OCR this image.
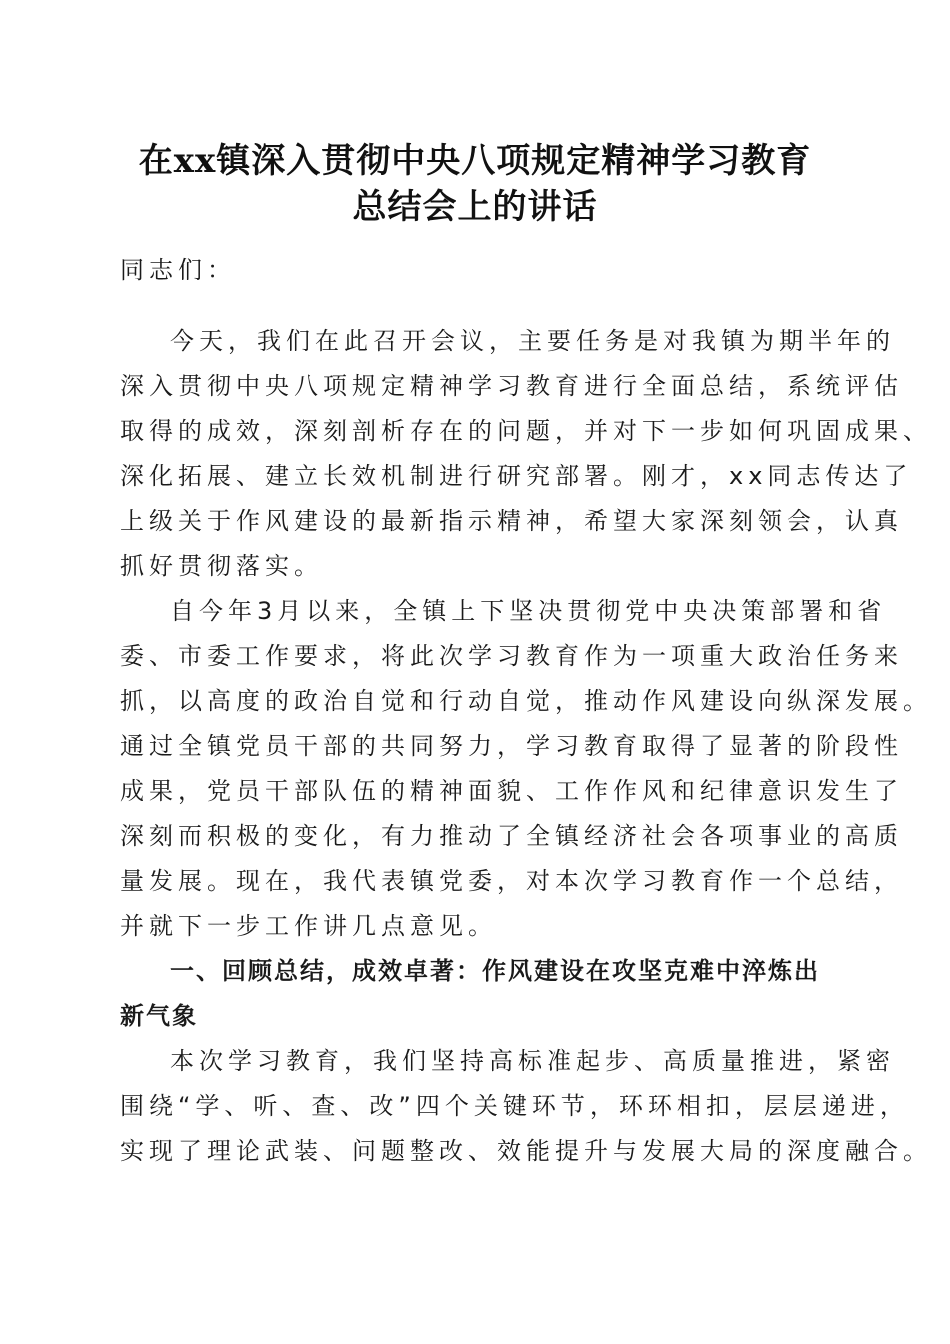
在xx镇深入贯彻中央八项规定精神学习教育
总结会上的讲话
同志们：
今天，我们在此召开会议，主要任务是对我镇为期半年的
深入贯彻中央八项规定精神学习教育进行全面总结，系统评估
取得的成效，深刻剖析存在的问题，并对下一步如何巩固成果、
深化拓展、建立长效机制进行研究部署。刚才，xx同志传达了
上级关于作风建设的最新指示精神，希望大家深刻领会，认真
抓好贯彻落实。
自今年3月以来，全镇上下坚决贯彻党中央决策部署和省
委、市委工作要求，将此次学习教育作为一项重大政治任务来
抓，以高度的政治自觉和行动自觉，推动作风建设向纵深发展。
通过全镇党员干部的共同努力，学习教育取得了显著的阶段性
成果，党员干部队伍的精神面貌、工作作风和纪律意识发生了
深刻而积极的变化，有力推动了全镇经济社会各项事业的高质
量发展。现在，我代表镇党委，对本次学习教育作一个总结，
并就下一步工作讲几点意见。
一、回顾总结，成效卓著：作风建设在攻坚克难中淬炼出
新气象
本次学习教育，我们坚持高标准起步、高质量推进，紧密
围绕“学、听、查、改”四个关键环节，环环相扣，层层递进，
实现了理论武装、问题整改、效能提升与发展大局的深度融合。
